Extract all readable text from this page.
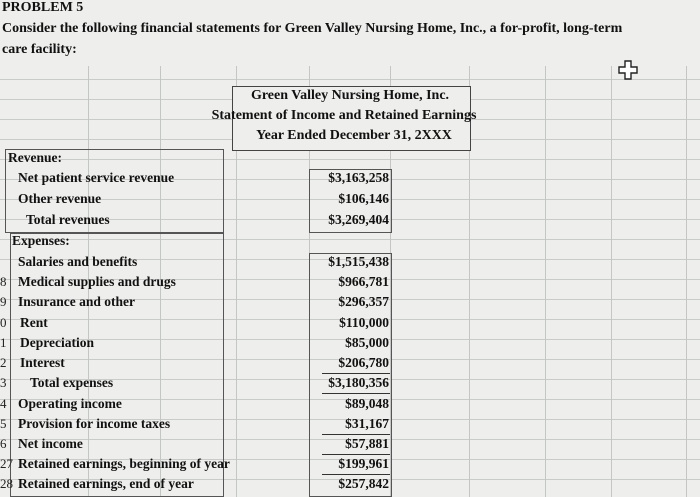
PROBLEM 5
Consider the following financial statements for Green Valley Nursing Home, Inc., a for-profit, long-term
care facility:
Green Valley Nursing Home, Inc.
Statement of Income and Retained Earnings
Year Ended December 31, 2XXX
Revenue:
Net patient service revenue	$3,163,258
Other revenue	$106,146
Total revenues	$3,269,404
Expenses:
Salaries and benefits	$1,515,438
8 Medical supplies and drugs	$966,781
9 Insurance and other	$296,357
0 Rent	$110,000
1 Depreciation	$85,000
2 Interest	$206,780
3 Total expenses	$3,180,356
4 Operating income	$89,048
5 Provision for income taxes	$31,167
6 Net income	$57,881
27 Retained earnings, beginning of year	$199,961
28 Retained earnings, end of year	$257,842
